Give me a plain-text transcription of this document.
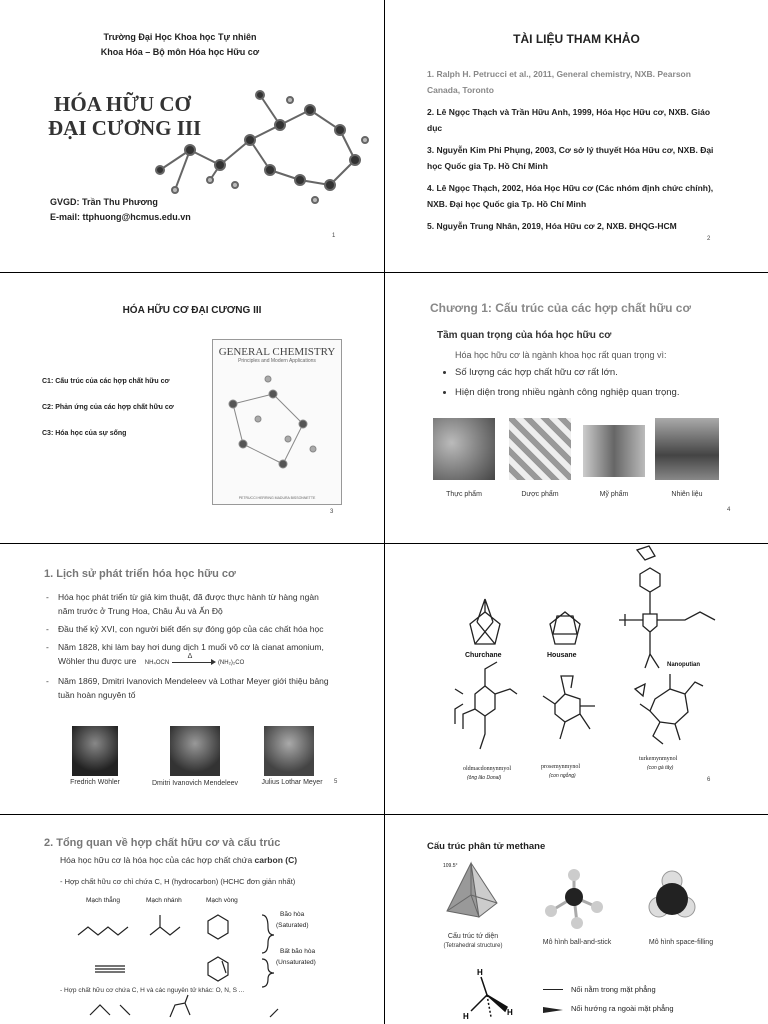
Trường Đại Học Khoa học Tự nhiên
Khoa Hóa – Bộ môn Hóa học Hữu cơ
HÓA HỮU CƠ
ĐẠI CƯƠNG III
GVGD: Trần Thu Phương
E-mail: ttphuong@hcmus.edu.vn
1
TÀI LIỆU THAM KHẢO
1. Ralph H. Petrucci et al., 2011, General chemistry, NXB. Pearson Canada, Toronto
2. Lê Ngọc Thạch và Trần Hữu Anh, 1999, Hóa Học Hữu cơ, NXB. Giáo dục
3. Nguyễn Kim Phi Phụng, 2003, Cơ sở lý thuyết Hóa Hữu cơ, NXB. Đại học Quốc gia Tp. Hồ Chí Minh
4. Lê Ngọc Thạch, 2002, Hóa Học Hữu cơ (Các nhóm định chức chính), NXB. Đại học Quốc gia Tp. Hồ Chí Minh
5. Nguyễn Trung Nhân, 2019, Hóa Hữu cơ 2, NXB. ĐHQG-HCM
2
HÓA HỮU CƠ ĐẠI CƯƠNG III
C1: Cấu trúc của các hợp chất hữu cơ
C2: Phản ứng của các hợp chất hữu cơ
C3: Hóa học của sự sống
GENERAL CHEMISTRY
Principles and Modern Applications
PETRUCCI HERRING MADURA BISSONNETTE
3
Chương 1: Cấu trúc của các hợp chất hữu cơ
Tầm quan trọng của hóa học hữu cơ
Hóa học hữu cơ là ngành khoa học rất quan trọng vì:
• Số lượng các hợp chất hữu cơ rất lớn.
• Hiện diện trong nhiều ngành công nghiệp quan trọng.
Thực phẩm	Dược phẩm	Mỹ phẩm	Nhiên liệu
4
1. Lịch sử phát triển hóa học hữu cơ
- Hóa học phát triển từ giả kim thuật, đã được thực hành từ hàng ngàn năm trước ở Trung Hoa, Châu Âu và Ấn Độ
- Đầu thế kỷ XVI, con người biết đến sự đóng góp của các chất hóa học
- Năm 1828, khi làm bay hơi dung dịch 1 muối vô cơ là cianat amonium, Wöhler thu được ure NH₄OCN
Δ
(NH₂)₂CO
- Năm 1869, Dmitri Ivanovich Mendeleev và Lothar Meyer giới thiệu bảng tuần hoàn nguyên tố
Fredrich Wöhler	Dmitri Ivanovich Mendeleev	Julius Lothar Meyer	5
Churchane	Housane
Nanoputian
oldmacdonnynmyol
(ông lão Donal)
prosemynmynol
(con ngỗng)
turkemynmynol
(con gà tây)
6
2. Tổng quan về hợp chất hữu cơ và cấu trúc
Hóa học hữu cơ là hóa học của các hợp chất chứa carbon (C)
- Hợp chất hữu cơ chỉ chứa C, H (hydrocarbon) (HCHC đơn giản nhất)
Mạch thẳng	Mạch nhánh	Mạch vòng
Bão hòa
(Saturated)
Bất bão hòa
(Unsaturated)
- Hợp chất hữu cơ chứa C, H và các nguyên tử khác: O, N, S ...
Cấu trúc phân tử methane
109.5°
Cấu trúc tứ diện
(Tetrahedral structure)	Mô hình ball-and-stick	Mô hình space-filling
H
H	H
Nối nằm trong mặt phẳng
Nối hướng ra ngoài mặt phẳng
